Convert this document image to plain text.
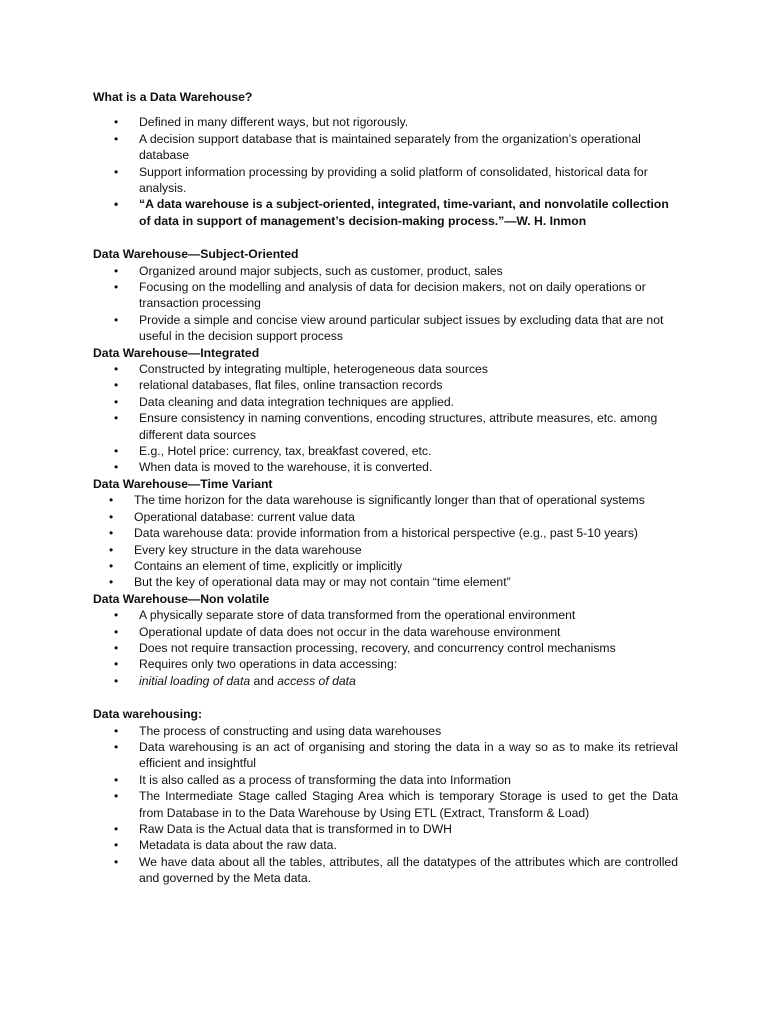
What is a Data Warehouse?
• Defined in many different ways, but not rigorously.
• A decision support database that is maintained separately from the organization’s operational database
• Support information processing by providing a solid platform of consolidated, historical data for analysis.
• “A data warehouse is a subject-oriented, integrated, time-variant, and nonvolatile collection of data in support of management’s decision-making process.”—W. H. Inmon
Data Warehouse—Subject-Oriented
• Organized around major subjects, such as customer, product, sales
• Focusing on the modelling and analysis of data for decision makers, not on daily operations or transaction processing
• Provide a simple and concise view around particular subject issues by excluding data that are not useful in the decision support process
Data Warehouse—Integrated
• Constructed by integrating multiple, heterogeneous data sources
• relational databases, flat files, online transaction records
• Data cleaning and data integration techniques are applied.
• Ensure consistency in naming conventions, encoding structures, attribute measures, etc. among different data sources
• E.g., Hotel price: currency, tax, breakfast covered, etc.
• When data is moved to the warehouse, it is converted.
Data Warehouse—Time Variant
• The time horizon for the data warehouse is significantly longer than that of operational systems
• Operational database: current value data
• Data warehouse data: provide information from a historical perspective (e.g., past 5-10 years)
• Every key structure in the data warehouse
• Contains an element of time, explicitly or implicitly
• But the key of operational data may or may not contain “time element”
Data Warehouse—Non volatile
• A physically separate store of data transformed from the operational environment
• Operational update of data does not occur in the data warehouse environment
• Does not require transaction processing, recovery, and concurrency control mechanisms
• Requires only two operations in data accessing:
• initial loading of data and access of data
Data warehousing:
• The process of constructing and using data warehouses
• Data warehousing is an act of organising and storing the data in a way so as to make its retrieval efficient and insightful
• It is also called as a process of transforming the data into Information
• The Intermediate Stage called Staging Area which is temporary Storage is used to get the Data from Database in to the Data Warehouse by Using ETL (Extract, Transform & Load)
• Raw Data is the Actual data that is transformed in to DWH
• Metadata is data about the raw data.
• We have data about all the tables, attributes, all the datatypes of the attributes which are controlled and governed by the Meta data.
